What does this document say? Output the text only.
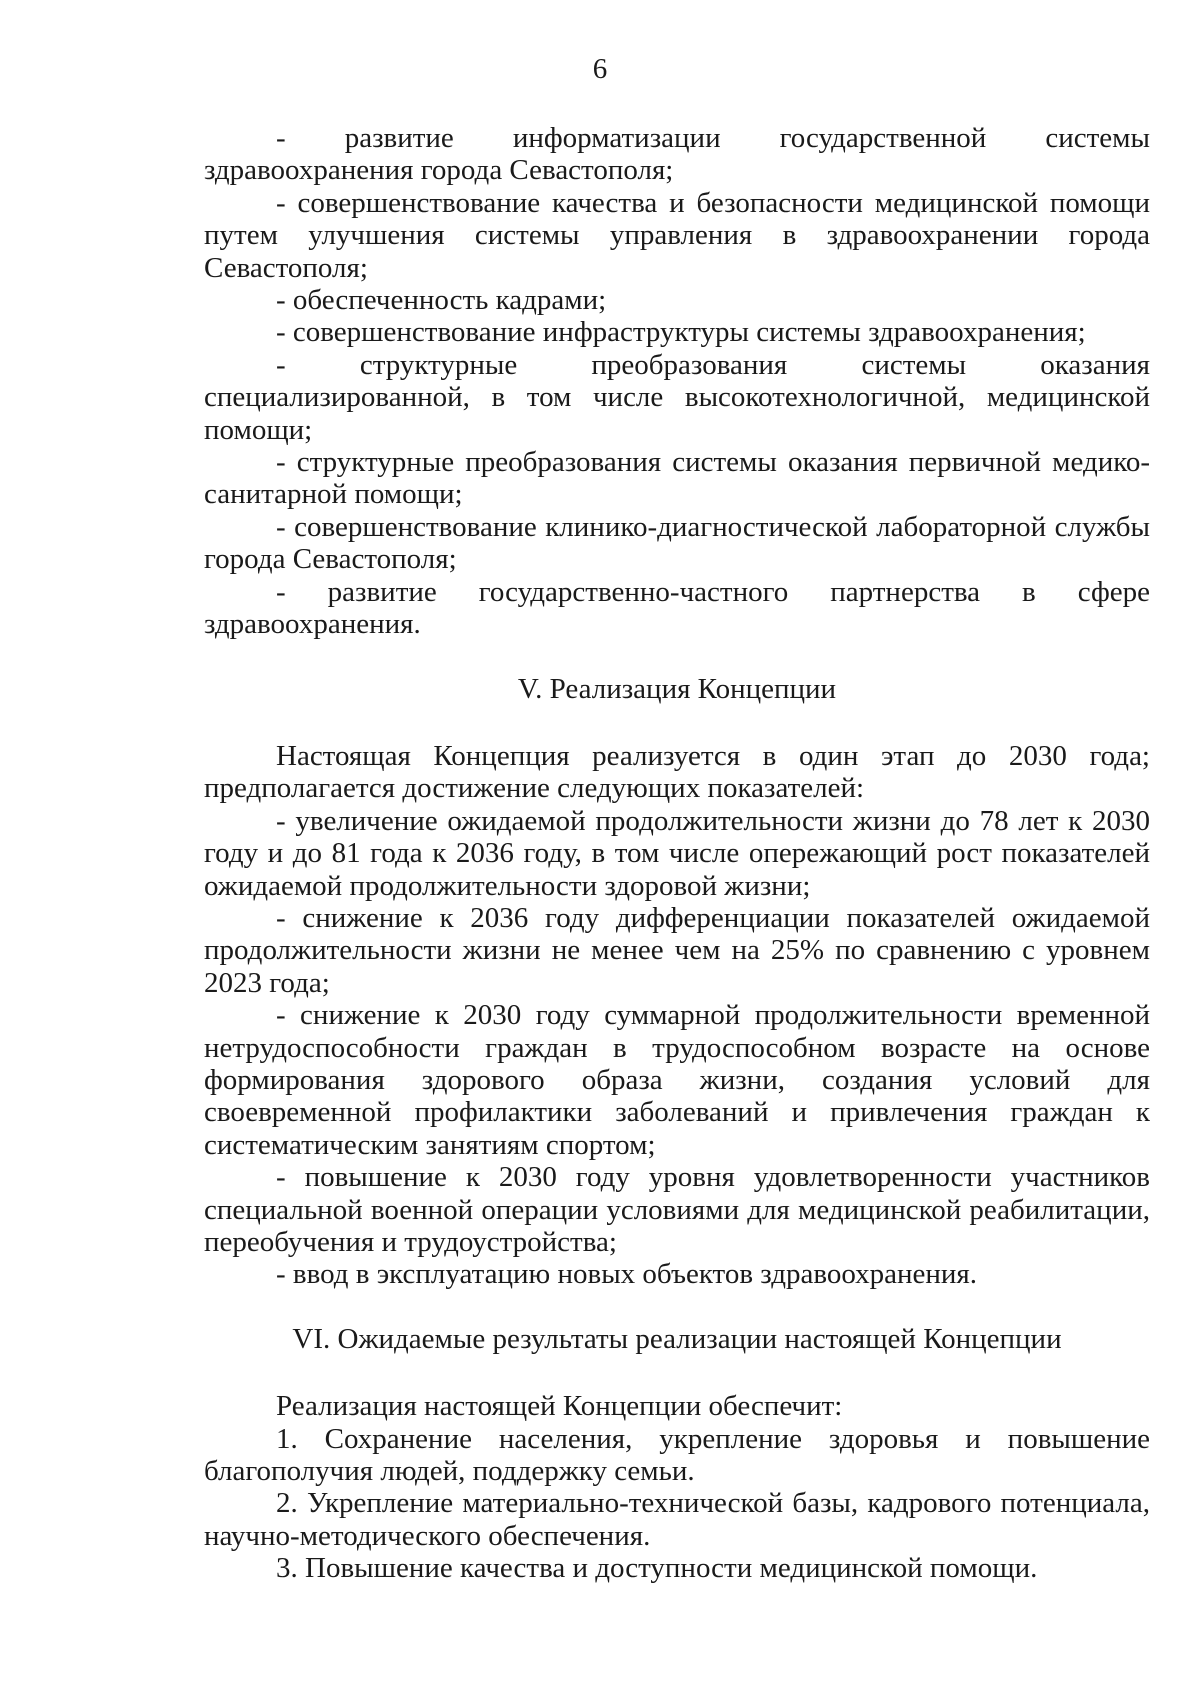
6

- развитие информатизации государственной системы здравоохранения города Севастополя;

- совершенствование качества и безопасности медицинской помощи путем улучшения системы управления в здравоохранении города Севастополя;

- обеспеченность кадрами;

- совершенствование инфраструктуры системы здравоохранения;

- структурные преобразования системы оказания специализированной, в том числе высокотехнологичной, медицинской помощи;

- структурные преобразования системы оказания первичной медико-санитарной помощи;

- совершенствование клинико-диагностической лабораторной службы города Севастополя;

- развитие государственно-частного партнерства в сфере здравоохранения.

V. Реализация Концепции

Настоящая Концепция реализуется в один этап до 2030 года; предполагается достижение следующих показателей:

- увеличение ожидаемой продолжительности жизни до 78 лет к 2030 году и до 81 года к 2036 году, в том числе опережающий рост показателей ожидаемой продолжительности здоровой жизни;

- снижение к 2036 году дифференциации показателей ожидаемой продолжительности жизни не менее чем на 25% по сравнению с уровнем 2023 года;

- снижение к 2030 году суммарной продолжительности временной нетрудоспособности граждан в трудоспособном возрасте на основе формирования здорового образа жизни, создания условий для своевременной профилактики заболеваний и привлечения граждан к систематическим занятиям спортом;

- повышение к 2030 году уровня удовлетворенности участников специальной военной операции условиями для медицинской реабилитации, переобучения и трудоустройства;

- ввод в эксплуатацию новых объектов здравоохранения.

VI. Ожидаемые результаты реализации настоящей Концепции

Реализация настоящей Концепции обеспечит:

1. Сохранение населения, укрепление здоровья и повышение благополучия людей, поддержку семьи.

2. Укрепление материально-технической базы, кадрового потенциала, научно-методического обеспечения.

3. Повышение качества и доступности медицинской помощи.
